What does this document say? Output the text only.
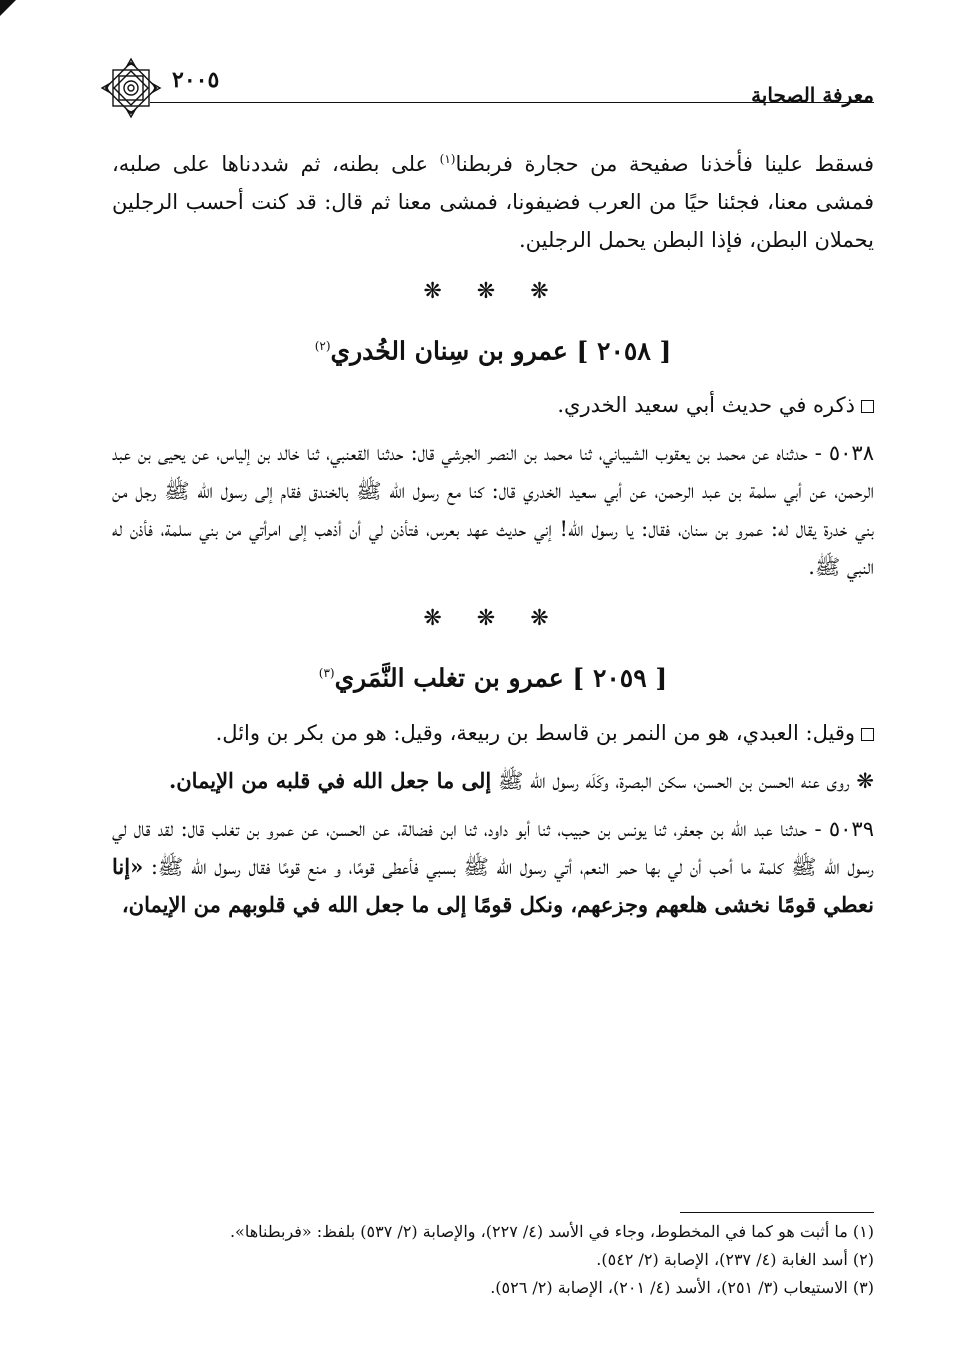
معرفة الصحابة
٢٠٠٥

فسقط علينا فأخذنا صفيحة من حجارة فربطنا$^{(١)}$ على بطنه، ثم شددناها على صلبه، فمشى معنا، فجئنا حيًا من العرب فضيفونا، فمشى معنا ثم قال: قد كنت أحسب الرجلين يحملان البطن، فإذا البطن يحمل الرجلين.

❋ ❋ ❋
[ ٢٠٥٨ ] عمرو بن سِنان الخُدري$^{(٢)}$

ذكره في حديث أبي سعيد الخدري.

٥٠٣٨ - حدثناه عن محمد بن يعقوب الشيباني، ثنا محمد بن النصر الجرشي قال: حدثنا القعنبي، ثنا خالد بن إلياس، عن يحيى بن عبد الرحمن، عن أبي سلمة بن عبد الرحمن، عن أبي سعيد الخدري قال: كنا مع رسول الله ﷺ بالخندق فقام إلى رسول الله ﷺ رجل من بني خدرة يقال له: عمرو بن سنان، فقال: يا رسول الله! إني حديث عهد بعرس، فتأذن لي أن أذهب إلى امرأتي من بني سلمة، فأذن له النبي ﷺ.

❋ ❋ ❋
[ ٢٠٥٩ ] عمرو بن تغلب النَّمَري$^{(٣)}$

وقيل: العبدي، هو من النمر بن قاسط بن ربيعة، وقيل: هو من بكر بن وائل.

❋ روى عنه الحسن بن الحسن، سكن البصرة، وكَلَه رسول الله ﷺ إلى ما جعل الله في قلبه من الإيمان.

٥٠٣٩ - حدثنا عبد الله بن جعفر، ثنا يونس بن حبيب، ثنا أبو داود، ثنا ابن فضالة، عن الحسن، عن عمرو بن تغلب قال: لقد قال لي رسول الله ﷺ كلمة ما أحب أن لي بها حمر النعم، أتي رسول الله ﷺ بسبي فأعطى قومًا، و منع قومًا فقال رسول الله ﷺ: «إنا نعطي قومًا نخشى هلعهم وجزعهم، ونكل قومًا إلى ما جعل الله في قلوبهم من الإيمان،

(١) ما أثبت هو كما في المخطوط، وجاء في الأسد (٤/ ٢٢٧)، والإصابة (٢/ ٥٣٧) بلفظ: «فربطناها».
(٢) أسد الغابة (٤/ ٢٣٧)، الإصابة (٢/ ٥٤٢).
(٣) الاستيعاب (٣/ ٢٥١)، الأسد (٤/ ٢٠١)، الإصابة (٢/ ٥٢٦).
